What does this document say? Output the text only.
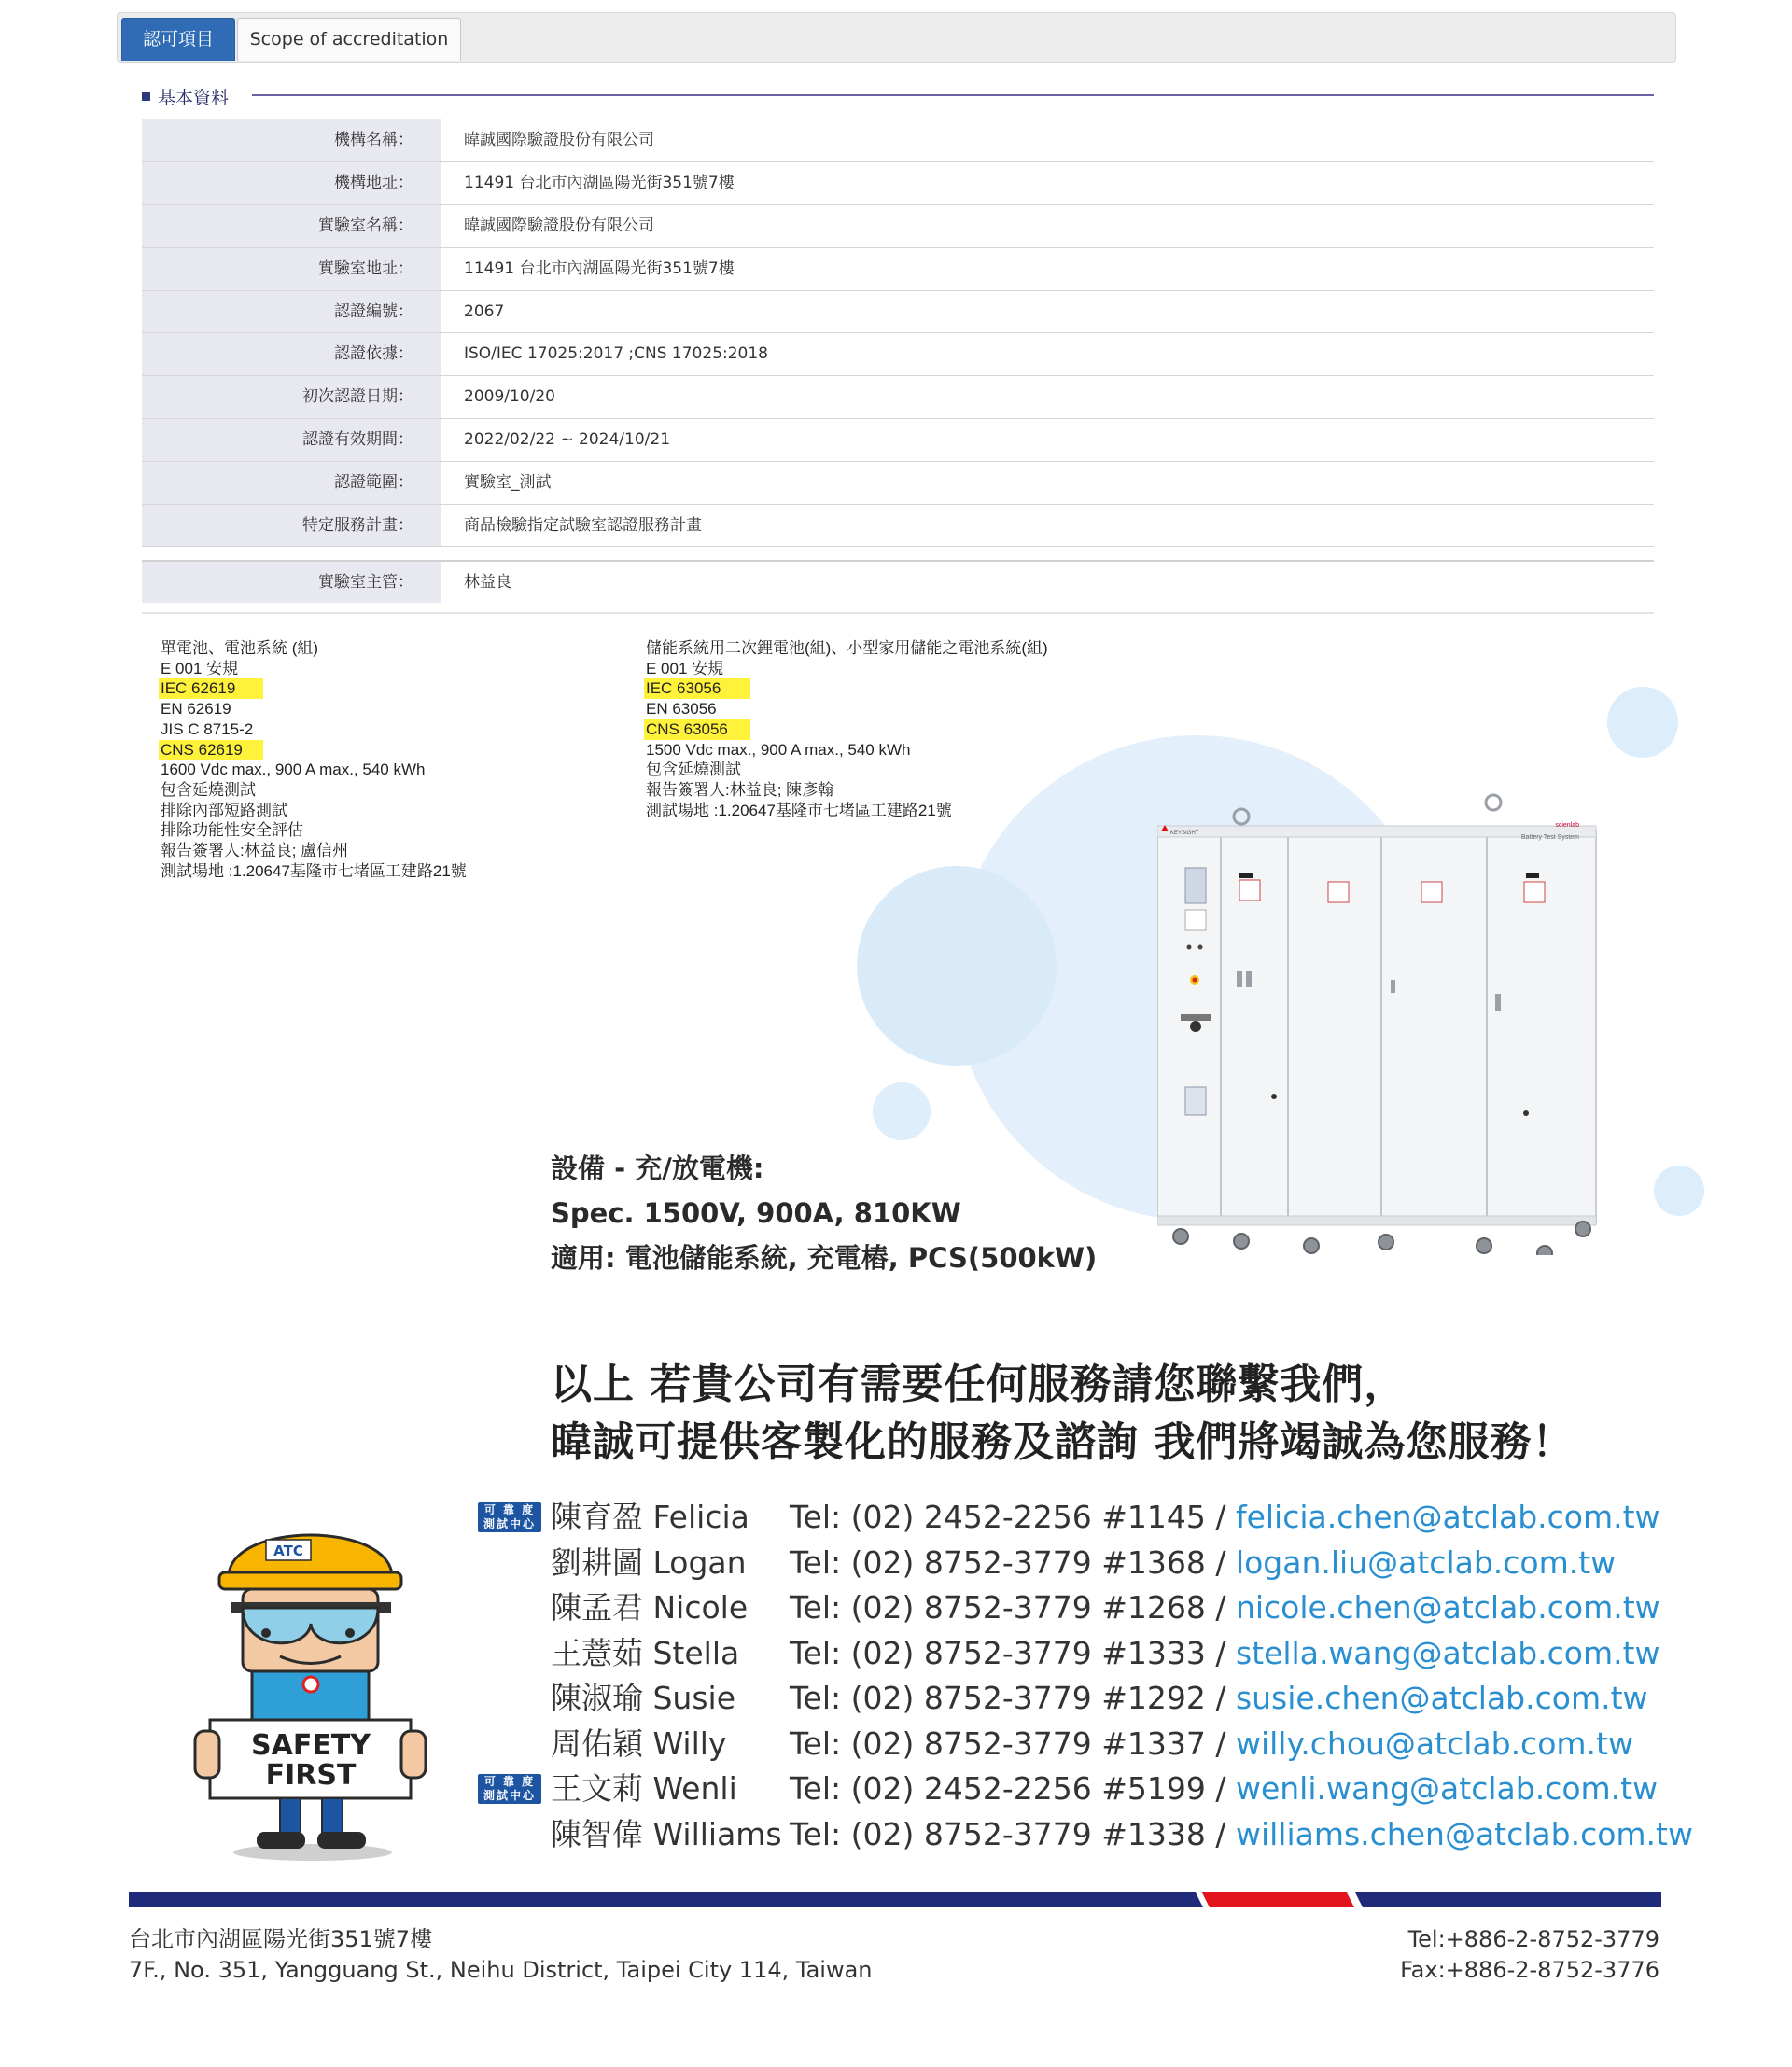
認可項目	Scope of accreditation
基本資料
機構名稱：	暐誠國際驗證股份有限公司
機構地址：	11491 台北市內湖區陽光街351號7樓
實驗室名稱：	暐誠國際驗證股份有限公司
實驗室地址：	11491 台北市內湖區陽光街351號7樓
認證編號：	2067
認證依據：	ISO/IEC 17025:2017 ;CNS 17025:2018
初次認證日期：	2009/10/20
認證有效期間：	2022/02/22 ~ 2024/10/21
認證範圍：	實驗室_測試
特定服務計畫：	商品檢驗指定試驗室認證服務計畫
實驗室主管：	林益良
單電池、電池系統 (組)
E 001 安規
IEC 62619
EN 62619
JIS C 8715-2
CNS 62619
1600 Vdc max., 900 A max., 540 kWh
包含延燒測試
排除內部短路測試
排除功能性安全評估
報告簽署人:林益良; 盧信州
測試場地 :1.20647基隆市七堵區工建路21號
儲能系統用二次鋰電池(組)、小型家用儲能之電池系統(組)
E 001 安規
IEC 63056
EN 63056
CNS 63056
1500 Vdc max., 900 A max., 540 kWh
包含延燒測試
報告簽署人:林益良; 陳彥翰
測試場地 :1.20647基隆市七堵區工建路21號
KEYSIGHT
scienlab
Battery Test System
設備 - 充/放電機:
Spec. 1500V, 900A, 810KW
適用: 電池儲能系統, 充電樁, PCS(500kW)
以上 若貴公司有需要任何服務請您聯繫我們，
暐誠可提供客製化的服務及諮詢 我們將竭誠為您服務！
ATC
SAFETY
FIRST
可 靠 度
測試中心 陳育盈 Felicia Tel: (02) 2452-2256 #1145 / felicia.chen@atclab.com.tw
劉耕圖 Logan Tel: (02) 8752-3779 #1368 / logan.liu@atclab.com.tw
陳孟君 Nicole Tel: (02) 8752-3779 #1268 / nicole.chen@atclab.com.tw
王薏茹 Stella Tel: (02) 8752-3779 #1333 / stella.wang@atclab.com.tw
陳淑瑜 Susie Tel: (02) 8752-3779 #1292 / susie.chen@atclab.com.tw
周佑穎 Willy Tel: (02) 8752-3779 #1337 / willy.chou@atclab.com.tw
可 靠 度
測試中心 王文莉 Wenli Tel: (02) 2452-2256 #5199 / wenli.wang@atclab.com.tw
陳智偉 Williams Tel: (02) 8752-3779 #1338 / williams.chen@atclab.com.tw
台北市內湖區陽光街351號7樓
7F., No. 351, Yangguang St., Neihu District, Taipei City 114, Taiwan
Tel:+886-2-8752-3779
Fax:+886-2-8752-3776
